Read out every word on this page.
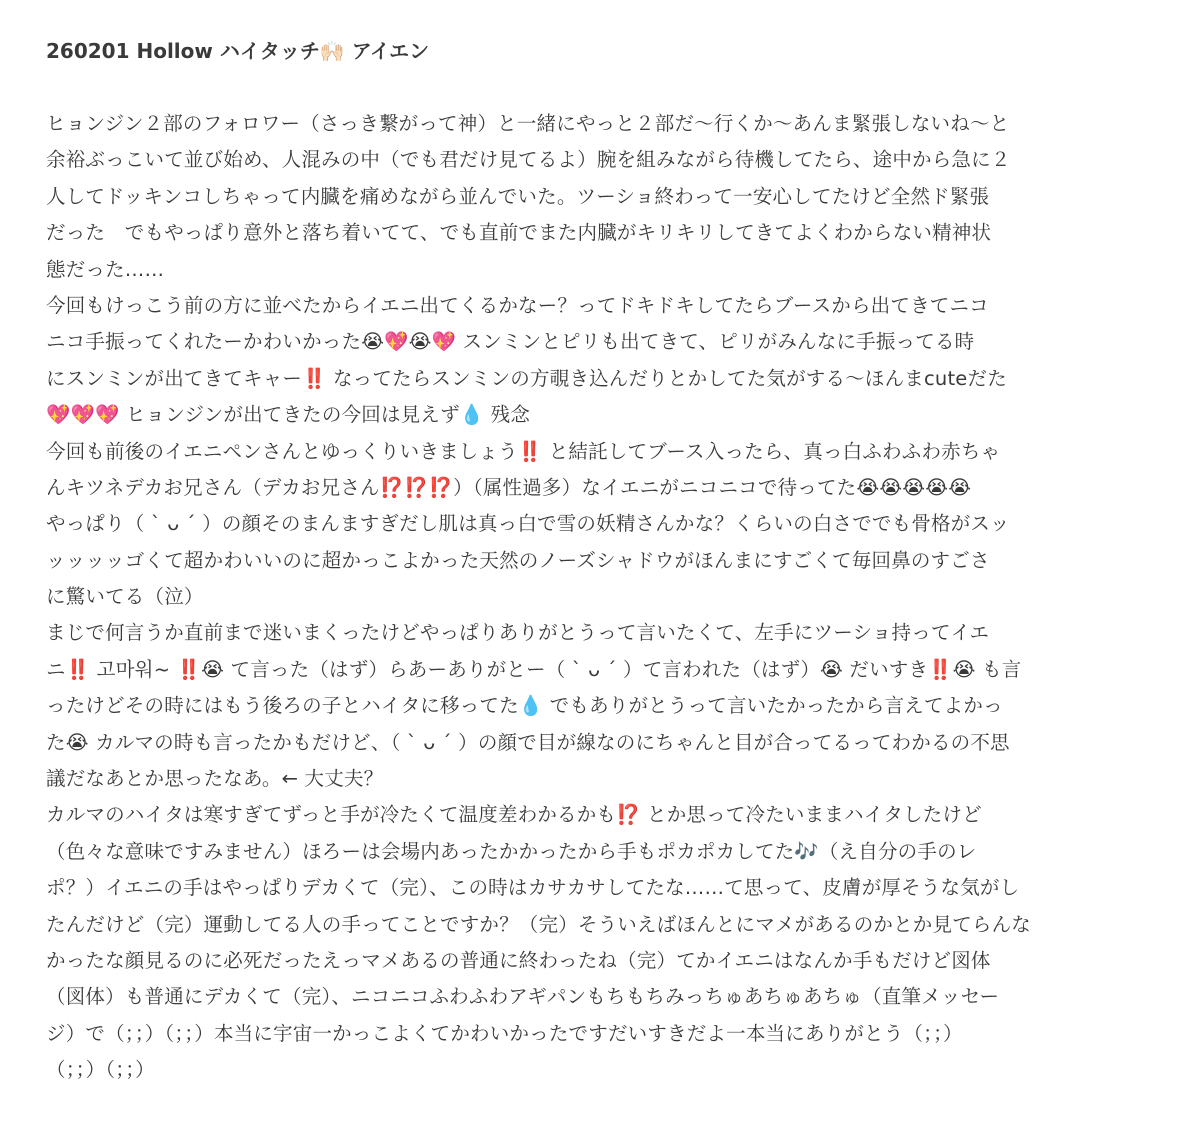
260201 Hollow ハイタッチ🙌🏻 アイエン
ヒョンジン２部のフォロワー（さっき繋がって神）と一緒にやっと２部だ〜行くか〜あんま緊張しないね〜と
余裕ぶっこいて並び始め、人混みの中（でも君だけ見てるよ）腕を組みながら待機してたら、途中から急に２
人してドッキンコしちゃって内臓を痛めながら並んでいた。ツーショ終わって一安心してたけど全然ド緊張
だった　でもやっぱり意外と落ち着いてて、でも直前でまた内臓がキリキリしてきてよくわからない精神状
態だった……
今回もけっこう前の方に並べたからイエニ出てくるかなー？ってドキドキしてたらブースから出てきてニコ
ニコ手振ってくれたーかわいかった😭💖😭💖 スンミンとピリも出てきて、ピリがみんなに手振ってる時
にスンミンが出てきてキャー‼️ なってたらスンミンの方覗き込んだりとかしてた気がする〜ほんまcuteだた
💖💖💖 ヒョンジンが出てきたの今回は見えず💧 残念
今回も前後のイエニペンさんとゆっくりいきましょう‼️ と結託してブース入ったら、真っ白ふわふわ赤ちゃ
んキツネデカお兄さん（デカお兄さん⁉️⁉️⁉️）（属性過多）なイエニがニコニコで待ってた😭😭😭😭😭
やっぱり（ ˋ ᴗ ˊ ）の顔そのまんますぎだし肌は真っ白で雪の妖精さんかな？くらいの白さででも骨格がスッ
ッッッッゴくて超かわいいのに超かっこよかった天然のノーズシャドウがほんまにすごくて毎回鼻のすごさ
に驚いてる（泣）
まじで何言うか直前まで迷いまくったけどやっぱりありがとうって言いたくて、左手にツーショ持ってイエ
ニ‼️ 고마워~ ‼️😭 て言った（はず）らあーありがとー（ ˋ ᴗ ˊ ）て言われた（はず）😭 だいすき‼️😭 も言
ったけどその時にはもう後ろの子とハイタに移ってた💧 でもありがとうって言いたかったから言えてよかっ
た😭 カルマの時も言ったかもだけど、（ ˋ ᴗ ˊ ）の顔で目が線なのにちゃんと目が合ってるってわかるの不思
議だなあとか思ったなあ。← 大丈夫？
カルマのハイタは寒すぎてずっと手が冷たくて温度差わかるかも⁉️ とか思って冷たいままハイタしたけど
（色々な意味ですみません）ほろーは会場内あったかかったから手もポカポカしてた🎶（え自分の手のレ
ポ？）イエニの手はやっぱりデカくて（完）、この時はカサカサしてたな……て思って、皮膚が厚そうな気がし
たんだけど（完）運動してる人の手ってことですか？（完）そういえばほんとにマメがあるのかとか見てらんな
かったな顔見るのに必死だったえっマメあるの普通に終わったね（完）てかイエニはなんか手もだけど図体
（図体）も普通にデカくて（完）、ニコニコふわふわアギパンもちもちみっちゅあちゅあちゅ（直筆メッセー
ジ）で（；；）（；；）本当に宇宙一かっこよくてかわいかったですだいすきだよ一本当にありがとう（；；）
（；；）（；；）
